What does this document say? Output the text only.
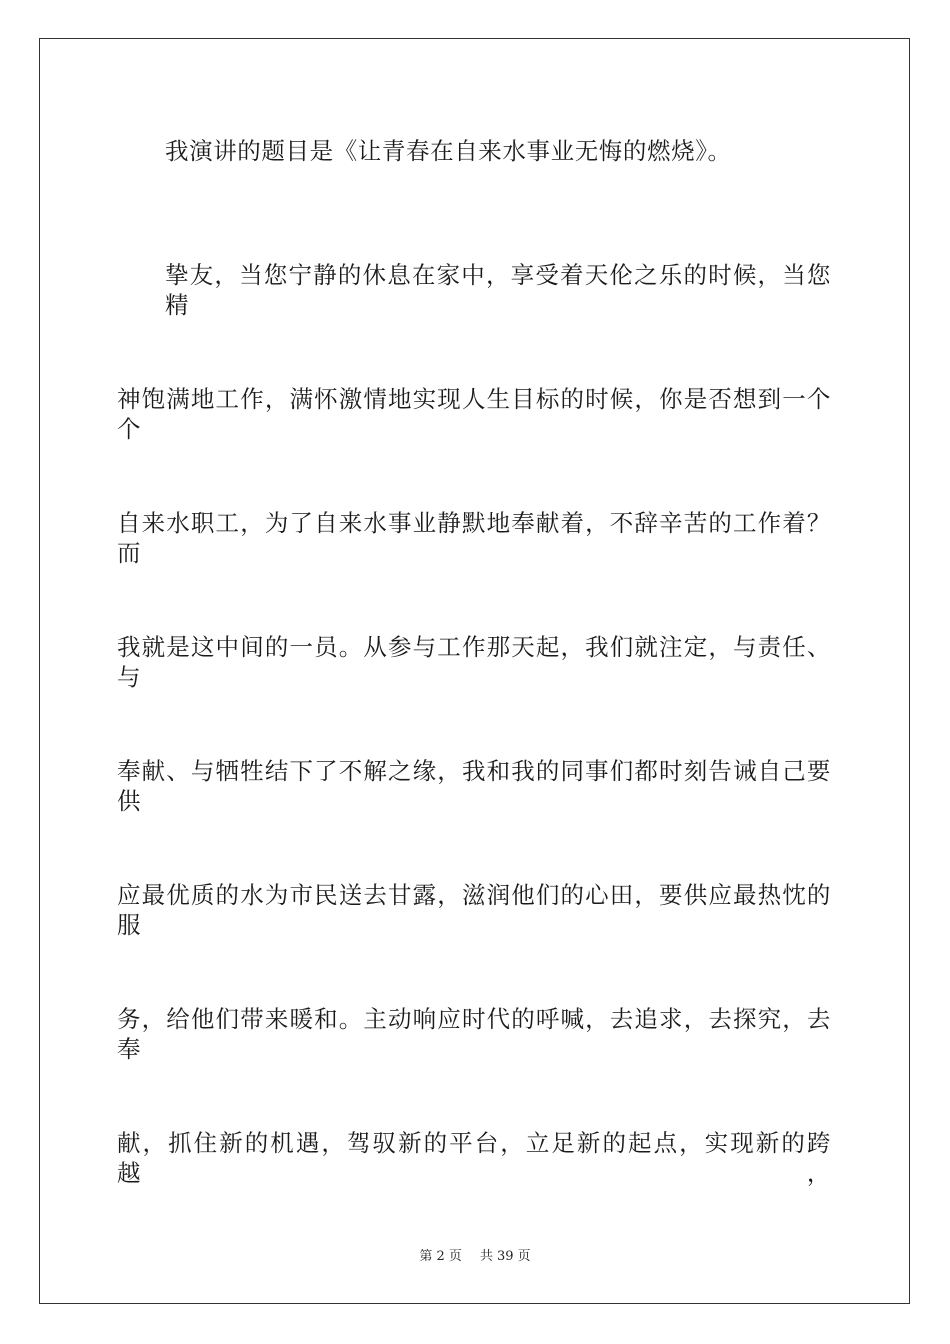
我演讲的题目是《让青春在自来水事业无悔的燃烧》。
挚友，当您宁静的休息在家中，享受着天伦之乐的时候，当您精
神饱满地工作，满怀激情地实现人生目标的时候，你是否想到一个个
自来水职工，为了自来水事业静默地奉献着，不辞辛苦的工作着？而
我就是这中间的一员。从参与工作那天起，我们就注定，与责任、与
奉献、与牺牲结下了不解之缘，我和我的同事们都时刻告诫自己要供
应最优质的水为市民送去甘露，滋润他们的心田，要供应最热忱的服
务，给他们带来暖和。主动响应时代的呼喊，去追求，去探究，去奉
献，抓住新的机遇，驾驭新的平台，立足新的起点，实现新的跨越，
第 2 页 共 39 页
